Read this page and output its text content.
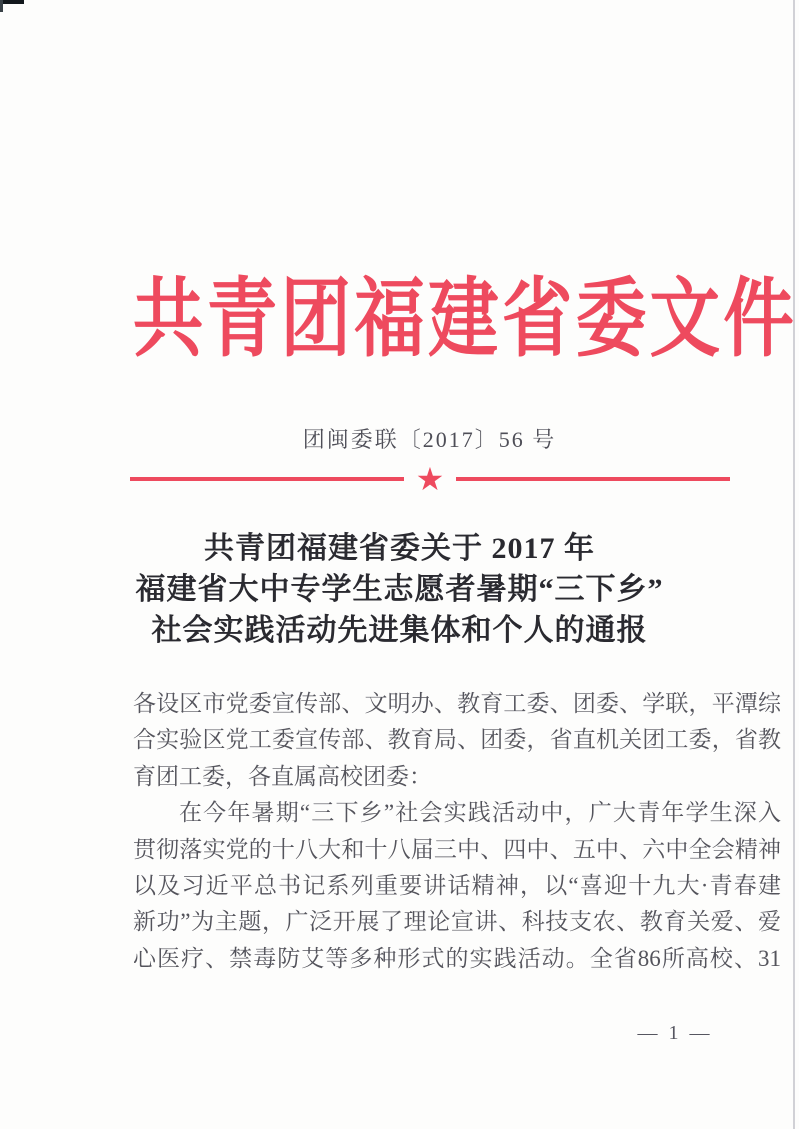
共青团福建省委文件
团闽委联〔2017〕56 号
★
共青团福建省委关于 2017 年
福建省大中专学生志愿者暑期“三下乡”
社会实践活动先进集体和个人的通报
各设区市党委宣传部、文明办、教育工委、团委、学联，平潭综
合实验区党工委宣传部、教育局、团委，省直机关团工委，省教
育团工委，各直属高校团委：
在今年暑期“三下乡”社会实践活动中，广大青年学生深入
贯彻落实党的十八大和十八届三中、四中、五中、六中全会精神
以及习近平总书记系列重要讲话精神，以“喜迎十九大·青春建
新功”为主题，广泛开展了理论宣讲、科技支农、教育关爱、爱
心医疗、禁毒防艾等多种形式的实践活动。全省86所高校、31
— 1 —
